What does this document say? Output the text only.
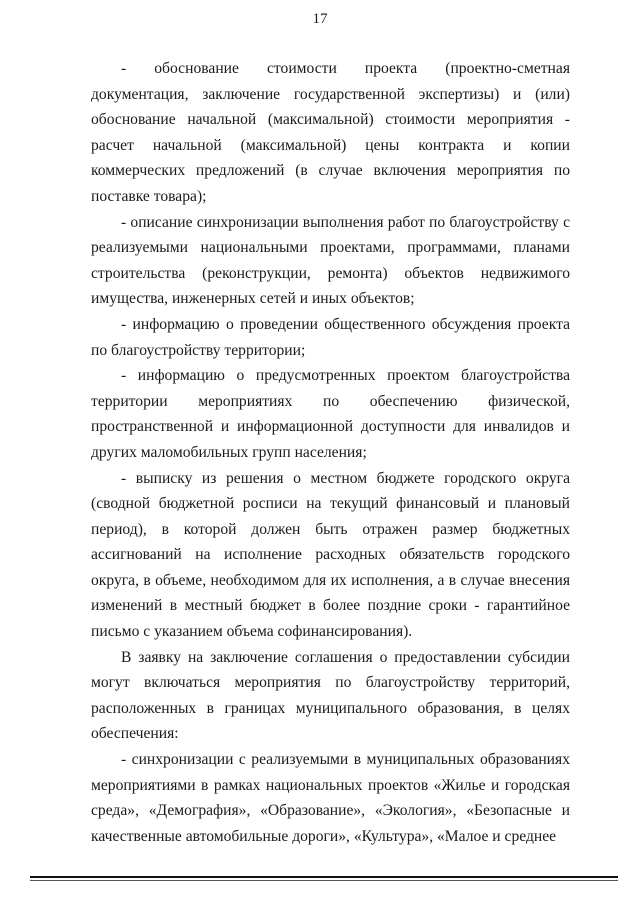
17

- обоснование стоимости проекта (проектно-сметная документация, заключение государственной экспертизы) и (или) обоснование начальной (максимальной) стоимости мероприятия - расчет начальной (максимальной) цены контракта и копии коммерческих предложений (в случае включения мероприятия по поставке товара);

- описание синхронизации выполнения работ по благоустройству с реализуемыми национальными проектами, программами, планами строительства (реконструкции, ремонта) объектов недвижимого имущества, инженерных сетей и иных объектов;

- информацию о проведении общественного обсуждения проекта по благоустройству территории;

- информацию о предусмотренных проектом благоустройства территории мероприятиях по обеспечению физической, пространственной и информационной доступности для инвалидов и других маломобильных групп населения;

- выписку из решения о местном бюджете городского округа (сводной бюджетной росписи на текущий финансовый и плановый период), в которой должен быть отражен размер бюджетных ассигнований на исполнение расходных обязательств городского округа, в объеме, необходимом для их исполнения, а в случае внесения изменений в местный бюджет в более поздние сроки - гарантийное письмо с указанием объема софинансирования).

В заявку на заключение соглашения о предоставлении субсидии могут включаться мероприятия по благоустройству территорий, расположенных в границах муниципального образования, в целях обеспечения:

- синхронизации с реализуемыми в муниципальных образованиях мероприятиями в рамках национальных проектов «Жилье и городская среда», «Демография», «Образование», «Экология», «Безопасные и качественные автомобильные дороги», «Культура», «Малое и среднее
